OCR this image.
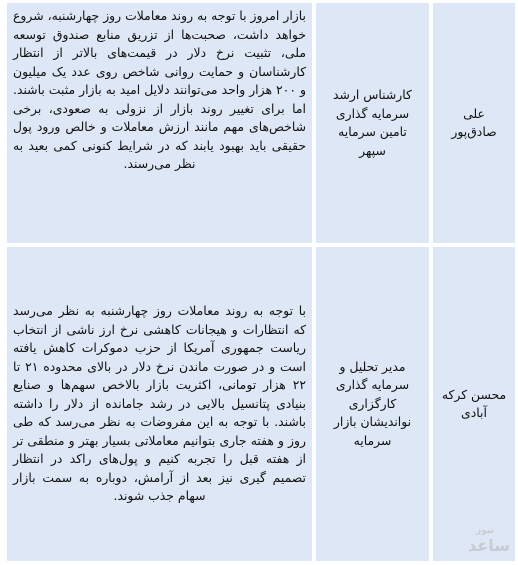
علی صادق‌پور
کارشناس ارشد سرمایه گذاری تامین سرمایه سپهر
بازار امروز با توجه به روند معاملات روز چهارشنبه، شروع خواهد داشت، صحبت‌ها از تزریق منابع صندوق توسعه ملی، تثبیت نرخ دلار در قیمت‌های بالاتر از انتظار کارشناسان و حمایت روانی شاخص روی عدد یک میلیون و ۲۰۰ هزار واحد می‌توانند دلایل امید به بازار مثبت باشند. اما برای تغییر روند بازار از نزولی به صعودی، برخی شاخص‌های مهم مانند ارزش معاملات و خالص ورود پول حقیقی باید بهبود یابند که در شرایط کنونی کمی بعید به نظر می‌رسند.
محسن کرکه آبادی
مدیر تحلیل و سرمایه گذاری کارگزاری نواندیشان بازار سرمایه
با توجه به روند معاملات روز چهارشنبه به نظر می‌رسد که انتظارات و هیجانات کاهشی نرخ ارز ناشی از انتخاب ریاست جمهوری آمریکا از حزب دموکرات کاهش یافته است و در صورت ماندن نرخ دلار در بالای محدوده ۲۱ تا ۲۲ هزار تومانی، اکثریت بازار بالاخص سهم‌ها و صنایع بنیادی پتانسیل بالایی در رشد جامانده از دلار را داشته باشند. با توجه به این مفروضات به نظر می‌رسد که طی روز و هفته جاری بتوانیم معاملاتی بسیار بهتر و منطقی تر از هفته قبل را تجربه کنیم و پول‌های راکد در انتظار تصمیم گیری نیز بعد از آرامش، دوباره به سمت بازار سهام جذب شوند.
نیوز
ساعد
